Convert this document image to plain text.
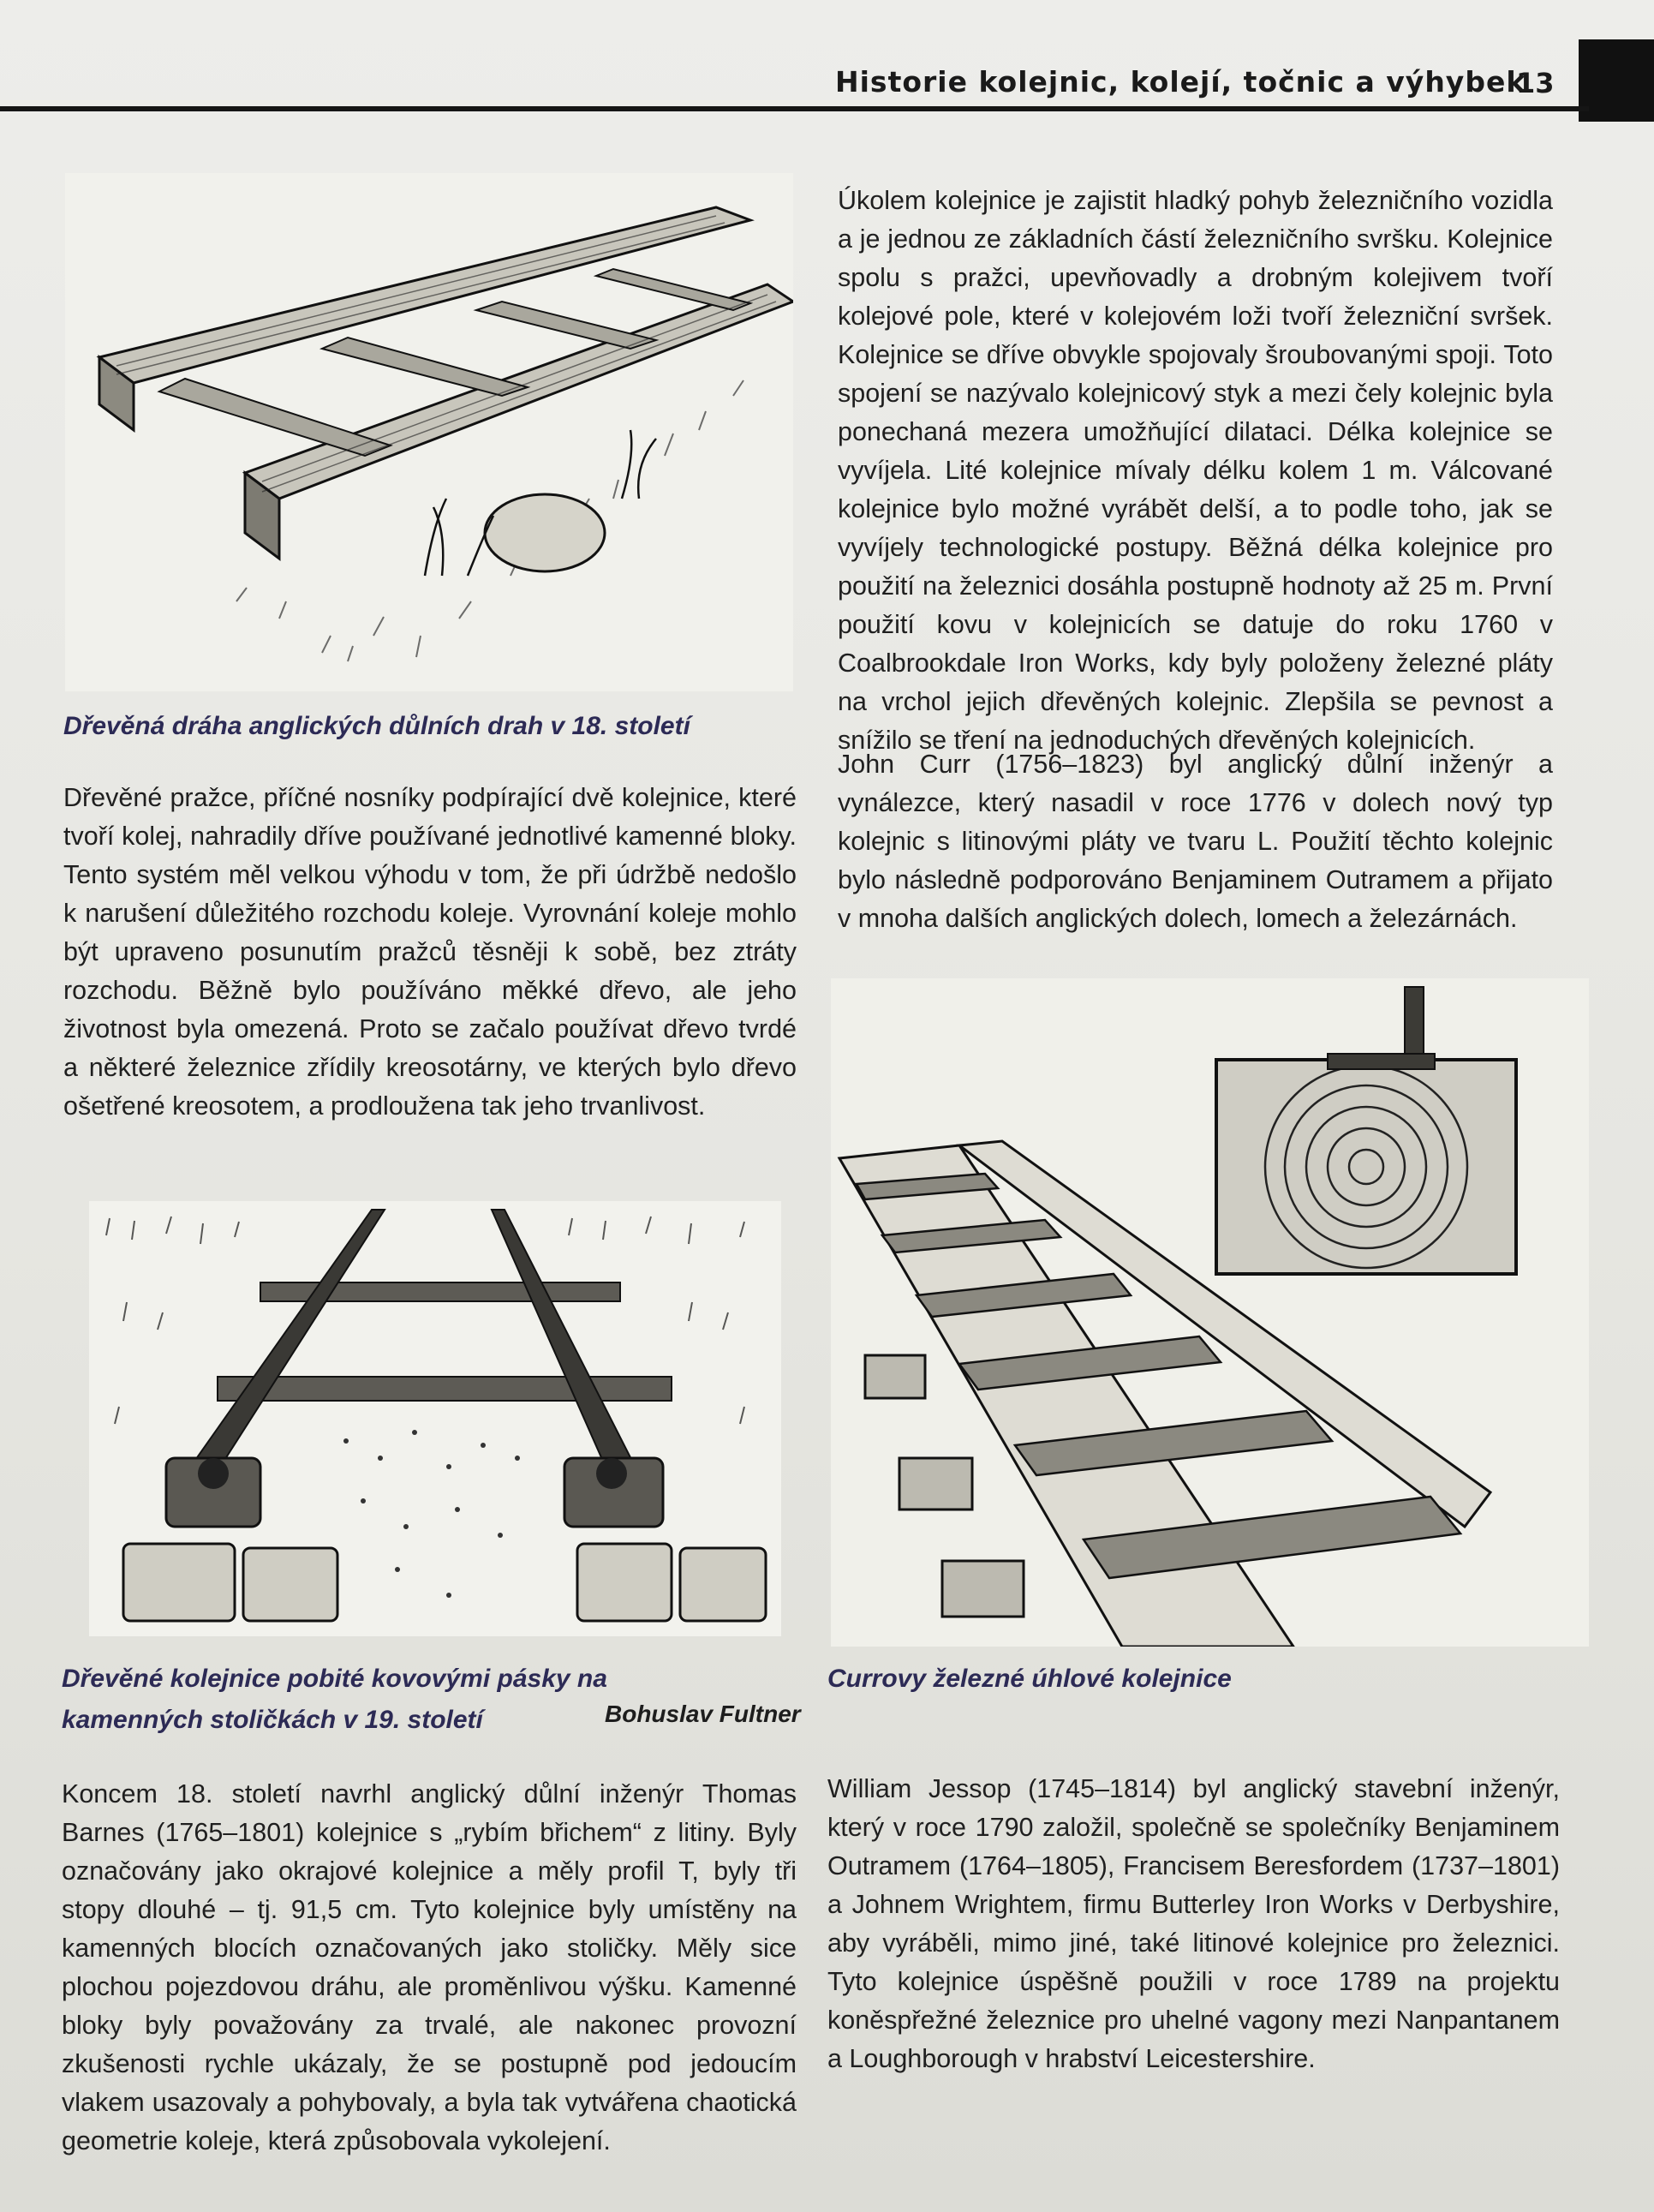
Historie kolejnic, kolejí, točnic a výhybek
13
Dřevěná dráha anglických důlních drah v 18. století
Dřevěné pražce, příčné nosníky podpírající dvě kolejnice, které tvoří kolej, nahradily dříve používané jednotlivé kamenné bloky. Tento systém měl velkou výhodu v tom, že při údržbě nedošlo k narušení důležitého rozchodu koleje. Vyrovnání koleje mohlo být upraveno posunutím pražců těsněji k sobě, bez ztráty rozchodu. Běžně bylo používáno měkké dřevo, ale jeho životnost byla omezená. Proto se začalo používat dřevo tvrdé a některé železnice zřídily kreosotárny, ve kterých bylo dřevo ošetřené kreosotem, a prodloužena tak jeho trvanlivost.
Dřevěné kolejnice pobité kovovými pásky na kamenných stoličkách v 19. století	Bohuslav Fultner
Koncem 18. století navrhl anglický důlní inženýr Thomas Barnes (1765–1801) kolejnice s „rybím břichem“ z litiny. Byly označovány jako okrajové kolejnice a měly profil T, byly tři stopy dlouhé – tj. 91,5 cm. Tyto kolejnice byly umístěny na kamenných blocích označovaných jako stoličky. Měly sice plochou pojezdovou dráhu, ale proměnlivou výšku. Kamenné bloky byly považovány za trvalé, ale nakonec provozní zkušenosti rychle ukázaly, že se postupně pod jedoucím vlakem usazovaly a pohybovaly, a byla tak vytvářena chaotická geometrie koleje, která způsobovala vykolejení.
Úkolem kolejnice je zajistit hladký pohyb železničního vozidla a je jednou ze základních částí železničního svršku. Kolejnice spolu s pražci, upevňovadly a drobným kolejivem tvoří kolejové pole, které v kolejovém loži tvoří železniční svršek. Kolejnice se dříve obvykle spojovaly šroubovanými spoji. Toto spojení se nazývalo kolejnicový styk a mezi čely kolejnic byla ponechaná mezera umožňující dilataci. Délka kolejnice se vyvíjela. Lité kolejnice mívaly délku kolem 1 m. Válcované kolejnice bylo možné vyrábět delší, a to podle toho, jak se vyvíjely technologické postupy. Běžná délka kolejnice pro použití na železnici dosáhla postupně hodnoty až 25 m. První použití kovu v kolejnicích se datuje do roku 1760 v Coalbrookdale Iron Works, kdy byly položeny železné pláty na vrchol jejich dřevěných kolejnic. Zlepšila se pevnost a snížilo se tření na jednoduchých dřevěných kolejnicích.
John Curr (1756–1823) byl anglický důlní inženýr a vynálezce, který nasadil v roce 1776 v dolech nový typ kolejnic s litinovými pláty ve tvaru L. Použití těchto kolejnic bylo následně podporováno Benjaminem Outramem a přijato v mnoha dalších anglických dolech, lomech a železárnách.
Currovy železné úhlové kolejnice
William Jessop (1745–1814) byl anglický stavební inženýr, který v roce 1790 založil, společně se společníky Benjaminem Outramem (1764–1805), Francisem Beresfordem (1737–1801) a Johnem Wrightem, firmu Butterley Iron Works v Derbyshire, aby vyráběli, mimo jiné, také litinové kolejnice pro železnici. Tyto kolejnice úspěšně použili v roce 1789 na projektu koněspřežné železnice pro uhelné vagony mezi Nanpantanem a Loughborough v hrabství Leicestershire.
